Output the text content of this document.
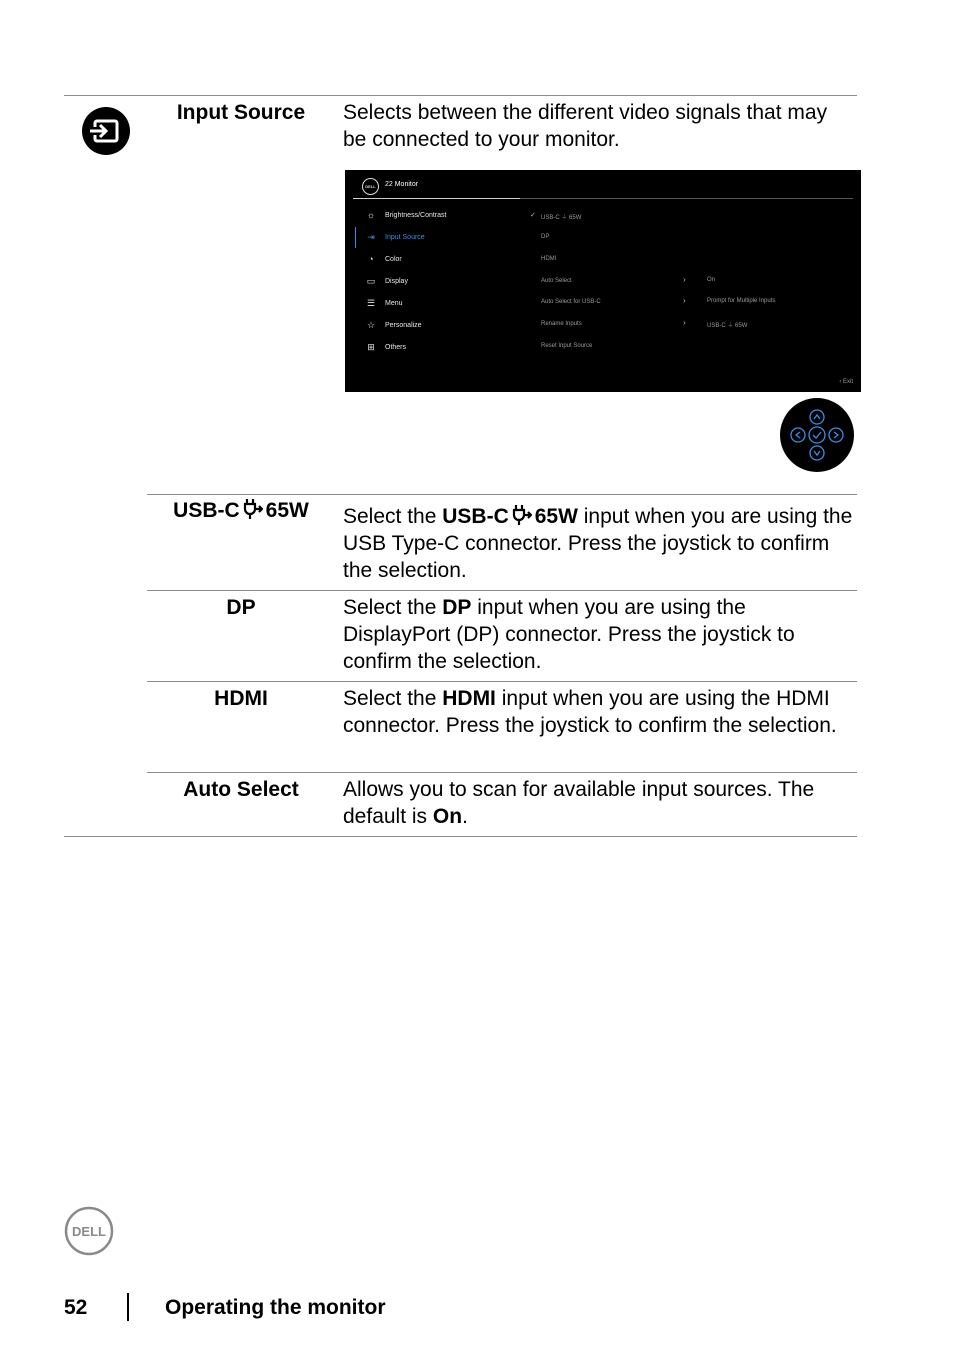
Input Source	Selects between the different video signals that may be connected to your monitor.
DELL	22 Monitor
☼ Brightness/Contrast
⇥	Input Source
◔	Color
▭ Display
☰ Menu
☆ Personalize
⊞	Others
✓ USB-C ⏚ 65W
DP
HDMI
Auto Select
Auto Select for USB-C
Rename Inputs
Reset Input Source
›
›
›
On
Prompt for Multiple Inputs
USB-C ⏚ 65W
‹ Exit
USB-C 65W	Select the USB-C 65W input when you are using the USB Type-C connector. Press the joystick to confirm the selection.
DP	Select the DP input when you are using the DisplayPort (DP) connector. Press the joystick to confirm the selection.
HDMI	Select the HDMI input when you are using the HDMI connector. Press the joystick to confirm the selection.
Auto Select	Allows you to scan for available input sources. The default is On.
DELL
52	Operating the monitor
